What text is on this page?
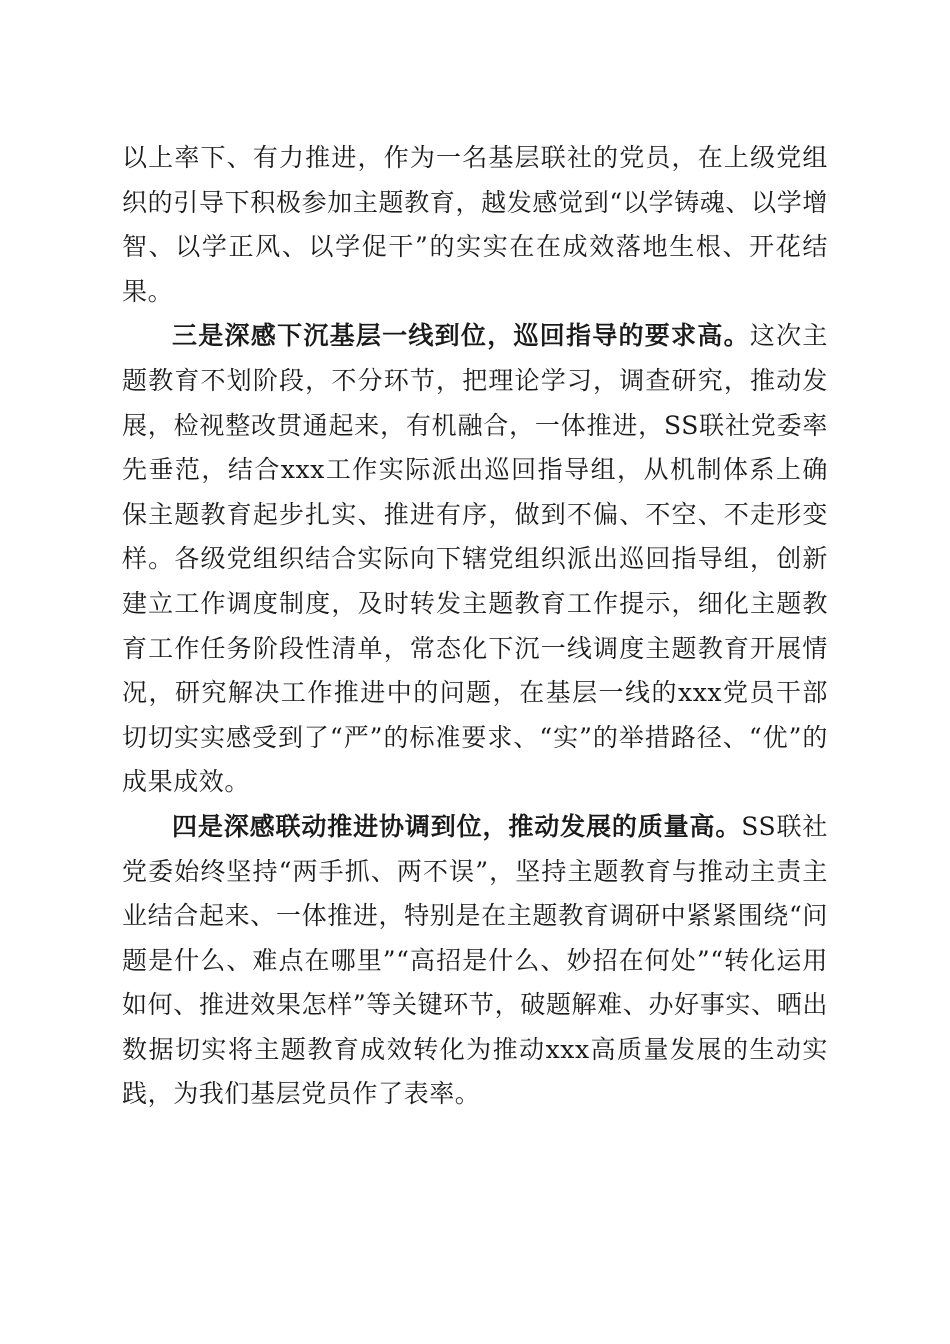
以上率下、有力推进，作为一名基层联社的党员，在上级党组织的引导下积极参加主题教育，越发感觉到“以学铸魂、以学增智、以学正风、以学促干”的实实在在成效落地生根、开花结果。

三是深感下沉基层一线到位，巡回指导的要求高。这次主题教育不划阶段，不分环节，把理论学习，调查研究，推动发展，检视整改贯通起来，有机融合，一体推进，SS联社党委率先垂范，结合xxx工作实际派出巡回指导组，从机制体系上确保主题教育起步扎实、推进有序，做到不偏、不空、不走形变样。各级党组织结合实际向下辖党组织派出巡回指导组，创新建立工作调度制度，及时转发主题教育工作提示，细化主题教育工作任务阶段性清单，常态化下沉一线调度主题教育开展情况，研究解决工作推进中的问题，在基层一线的xxx党员干部切切实实感受到了“严”的标准要求、“实”的举措路径、“优”的成果成效。

四是深感联动推进协调到位，推动发展的质量高。SS联社党委始终坚持“两手抓、两不误”，坚持主题教育与推动主责主业结合起来、一体推进，特别是在主题教育调研中紧紧围绕“问题是什么、难点在哪里”“高招是什么、妙招在何处”“转化运用如何、推进效果怎样”等关键环节，破题解难、办好事实、晒出数据切实将主题教育成效转化为推动xxx高质量发展的生动实践，为我们基层党员作了表率。
